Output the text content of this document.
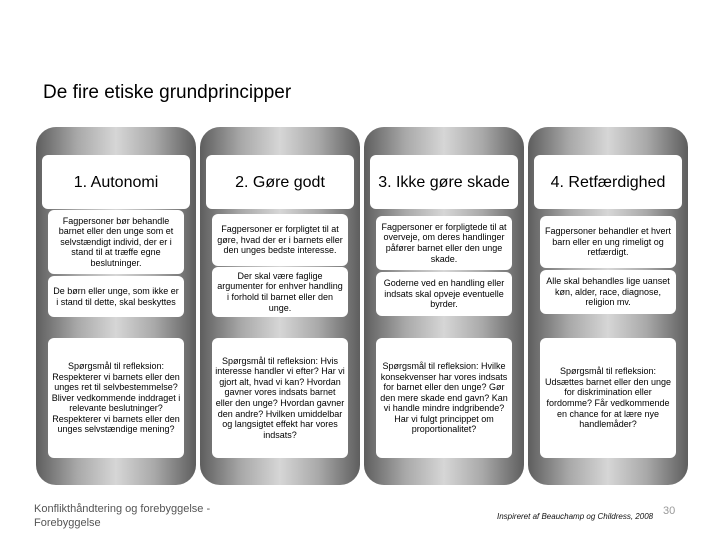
De fire etiske grundprincipper
1. Autonomi	2. Gøre godt	3. Ikke gøre skade	4. Retfærdighed
Fagpersoner bør behandle barnet eller den unge som et selvstændigt individ, der er i stand til at træffe egne beslutninger.
De børn eller unge, som ikke er i stand til dette, skal beskyttes
Spørgsmål til refleksion: Respekterer vi barnets eller den unges ret til selvbestemmelse? Bliver vedkommende inddraget i relevante beslutninger? Respekterer vi barnets eller den unges selvstændige mening?
Fagpersoner er forpligtet til at gøre, hvad der er i barnets eller den unges bedste interesse.
Der skal være faglige argumenter for enhver handling i forhold til barnet eller den unge.
Spørgsmål til refleksion: Hvis interesse handler vi efter? Har vi gjort alt, hvad vi kan? Hvordan gavner vores indsats barnet eller den unge? Hvordan gavner den andre? Hvilken umiddelbar og langsigtet effekt har vores indsats?
Fagpersoner er forpligtede til at overveje, om deres handlinger påfører barnet eller den unge skade.
Goderne ved en handling eller indsats skal opveje eventuelle byrder.
Spørgsmål til refleksion: Hvilke konsekvenser har vores indsats for barnet eller den unge? Gør den mere skade end gavn? Kan vi handle mindre indgribende? Har vi fulgt princippet om proportionalitet?
Fagpersoner behandler et hvert barn eller en ung rimeligt og retfærdigt.
Alle skal behandles lige uanset køn, alder, race, diagnose, religion mv.
Spørgsmål til refleksion: Udsættes barnet eller den unge for diskrimination eller fordomme? Får vedkommende en chance for at lære nye handlemåder?
Konflikthåndtering og forebyggelse -
Forebyggelse
30
Inspireret af Beauchamp og Childress, 2008
